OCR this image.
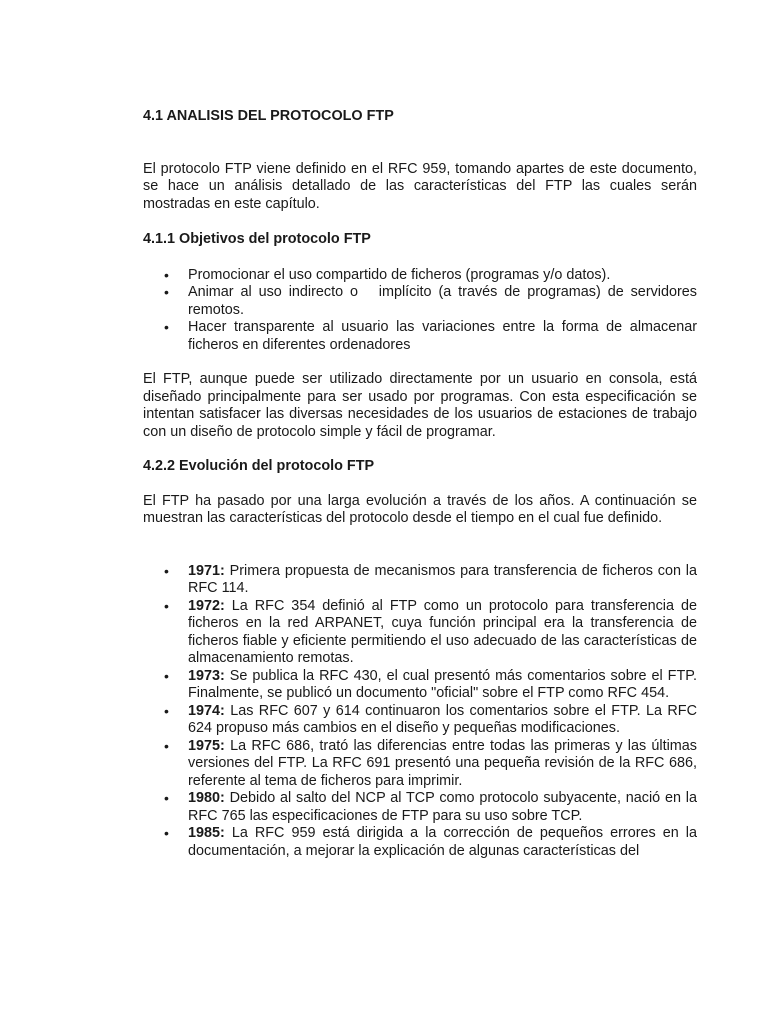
4.1 ANALISIS DEL PROTOCOLO FTP

El protocolo FTP viene definido en el RFC 959, tomando apartes de este documento, se hace un análisis detallado de las características del FTP las cuales serán mostradas en este capítulo.

4.1.1 Objetivos del protocolo FTP

• Promocionar el uso compartido de ficheros (programas y/o datos).
• Animar al uso indirecto o   implícito (a través de programas) de servidores remotos.
• Hacer transparente al usuario las variaciones entre la forma de almacenar ficheros en diferentes ordenadores

El FTP, aunque puede ser utilizado directamente por un usuario en consola, está diseñado principalmente para ser usado por programas. Con esta especificación se intentan satisfacer las diversas necesidades de los usuarios de estaciones de trabajo con un diseño de protocolo simple y fácil de programar.

4.2.2 Evolución del protocolo FTP

El FTP ha pasado por una larga evolución a través de los años. A continuación se muestran las características del protocolo desde el tiempo en el cual fue definido.

• 1971: Primera propuesta de mecanismos para transferencia de ficheros con la RFC 114.
• 1972: La RFC 354 definió al FTP como un protocolo para transferencia de ficheros en la red ARPANET, cuya función principal era la transferencia de ficheros fiable y eficiente permitiendo el uso adecuado de las características de almacenamiento remotas.
• 1973: Se publica la RFC 430, el cual presentó más comentarios sobre el FTP. Finalmente, se publicó un documento "oficial" sobre el FTP como RFC 454.
• 1974: Las RFC 607 y 614 continuaron los comentarios sobre el FTP. La RFC 624 propuso más cambios en el diseño y pequeñas modificaciones.
• 1975: La RFC 686, trató las diferencias entre todas las primeras y las últimas versiones del FTP. La RFC 691 presentó una pequeña revisión de la RFC 686, referente al tema de ficheros para imprimir.
• 1980: Debido al salto del NCP al TCP como protocolo subyacente, nació en la RFC 765 las especificaciones de FTP para su uso sobre TCP.
• 1985: La RFC 959 está dirigida a la corrección de pequeños errores en la documentación, a mejorar la explicación de algunas características del
